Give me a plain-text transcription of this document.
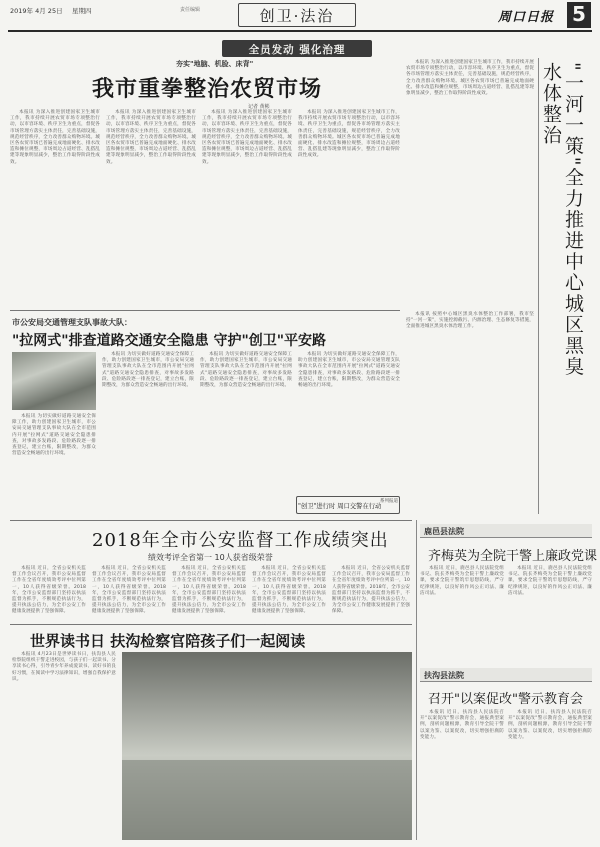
2019年 4月 25日 星期四	责任编辑	创卫·法治	周口日报 5
全员发动 强化治理
夯实"地脑、机脸、床背"
我市重拳整治农贸市场
记者 黄彬

本报讯 为深入推进创建国家卫生城市工作，我市持续开展农贸市场专项整治行动，以市容环境、秩序卫生为重点，督促各市场管理方落实主体责任，完善基础设施，规范经营秩序，全力改善群众购物环境。城区各农贸市场已普遍完成地面硬化、排水改造和摊位规整，市场周边占道经营、乱搭乱建等现象明显减少，整治工作取得阶段性成效。

本报讯 为深入推进创建国家卫生城市工作，我市持续开展农贸市场专项整治行动，以市容环境、秩序卫生为重点，督促各市场管理方落实主体责任，完善基础设施，规范经营秩序，全力改善群众购物环境。城区各农贸市场已普遍完成地面硬化、排水改造和摊位规整，市场周边占道经营、乱搭乱建等现象明显减少，整治工作取得阶段性成效。

本报讯 为深入推进创建国家卫生城市工作，我市持续开展农贸市场专项整治行动，以市容环境、秩序卫生为重点，督促各市场管理方落实主体责任，完善基础设施，规范经营秩序，全力改善群众购物环境。城区各农贸市场已普遍完成地面硬化、排水改造和摊位规整，市场周边占道经营、乱搭乱建等现象明显减少，整治工作取得阶段性成效。

本报讯 为深入推进创建国家卫生城市工作，我市持续开展农贸市场专项整治行动，以市容环境、秩序卫生为重点，督促各市场管理方落实主体责任，完善基础设施，规范经营秩序，全力改善群众购物环境。城区各农贸市场已普遍完成地面硬化、排水改造和摊位规整，市场周边占道经营、乱搭乱建等现象明显减少，整治工作取得阶段性成效。

本报讯 为深入推进创建国家卫生城市工作，我市持续开展农贸市场专项整治行动，以市容环境、秩序卫生为重点，督促各市场管理方落实主体责任，完善基础设施，规范经营秩序，全力改善群众购物环境。城区各农贸市场已普遍完成地面硬化、排水改造和摊位规整，市场周边占道经营、乱搭乱建等现象明显减少，整治工作取得阶段性成效。	"一河一策"全力推进中心城区黑臭水体整治

本报讯 按照中心城区黑臭水体整治工作部署，我市坚持"一河一策"，实施控源截污、内源治理、生态修复等措施，全面推进城区黑臭水体治理工作。

市公安局交通管理支队事故大队：
"拉网式"排查道路交通安全隐患 守护"创卫"平安路

本报讯 为切实做好道路交通安全保障工作，助力创建国家卫生城市，市公安局交通管理支队事故大队在全市范围内开展"拉网式"道路交通安全隐患排查，对事故多发路段、危险路段逐一排查登记，建立台账，限期整改，为群众营造安全畅通的出行环境。

本报讯 为切实做好道路交通安全保障工作，助力创建国家卫生城市，市公安局交通管理支队事故大队在全市范围内开展"拉网式"道路交通安全隐患排查，对事故多发路段、危险路段逐一排查登记，建立台账，限期整改，为群众营造安全畅通的出行环境。

本报讯 为切实做好道路交通安全保障工作，助力创建国家卫生城市，市公安局交通管理支队事故大队在全市范围内开展"拉网式"道路交通安全隐患排查，对事故多发路段、危险路段逐一排查登记，建立台账，限期整改，为群众营造安全畅通的出行环境。

本报讯 为切实做好道路交通安全保障工作，助力创建国家卫生城市，市公安局交通管理支队事故大队在全市范围内开展"拉网式"道路交通安全隐患排查，对事故多发路段、危险路段逐一排查登记，建立台账，限期整改，为群众营造安全畅通的出行环境。

"创卫"进行时 周口交警在行动
系列报道
2018年全市公安监督工作成绩突出
绩效考评全省第一 10人获省级荣誉

本报讯 近日，全省公安机关监督工作会议召开，我市公安局监督工作在全省年度绩效考评中位列第一，10人获得省级荣誉。2018年，全市公安监督部门坚持以执法监督为抓手，不断规范执法行为，提升执法公信力，为全市公安工作健康发展提供了坚强保障。

本报讯 近日，全省公安机关监督工作会议召开，我市公安局监督工作在全省年度绩效考评中位列第一，10人获得省级荣誉。2018年，全市公安监督部门坚持以执法监督为抓手，不断规范执法行为，提升执法公信力，为全市公安工作健康发展提供了坚强保障。

本报讯 近日，全省公安机关监督工作会议召开，我市公安局监督工作在全省年度绩效考评中位列第一，10人获得省级荣誉。2018年，全市公安监督部门坚持以执法监督为抓手，不断规范执法行为，提升执法公信力，为全市公安工作健康发展提供了坚强保障。

本报讯 近日，全省公安机关监督工作会议召开，我市公安局监督工作在全省年度绩效考评中位列第一，10人获得省级荣誉。2018年，全市公安监督部门坚持以执法监督为抓手，不断规范执法行为，提升执法公信力，为全市公安工作健康发展提供了坚强保障。

本报讯 近日，全省公安机关监督工作会议召开，我市公安局监督工作在全省年度绩效考评中位列第一，10人获得省级荣誉。2018年，全市公安监督部门坚持以执法监督为抓手，不断规范执法行为，提升执法公信力，为全市公安工作健康发展提供了坚强保障。

世界读书日 扶沟检察官陪孩子们一起阅读

本报讯 4月23日是世界读书日，扶沟县人民检察院组织干警走进校园，与孩子们一起读书、分享读书心得，引导青少年养成爱读书、读好书的良好习惯，在阅读中学习法律知识，增强自我保护意识。

鹿邑县法院
齐梅英为全院干警上廉政党课

本报讯 近日，鹿邑县人民法院党组书记、院长齐梅英为全院干警上廉政党课，要求全院干警筑牢思想防线，严守纪律规矩，以良好的作风公正司法、廉洁司法。

本报讯 近日，鹿邑县人民法院党组书记、院长齐梅英为全院干警上廉政党课，要求全院干警筑牢思想防线，严守纪律规矩，以良好的作风公正司法、廉洁司法。

扶沟县法院
召开"以案促改"警示教育会

本报讯 近日，扶沟县人民法院召开"以案促改"警示教育会，通报典型案例，剖析问题根源，教育引导全院干警以案为鉴、以案促改，切实增强拒腐防变能力。

本报讯 近日，扶沟县人民法院召开"以案促改"警示教育会，通报典型案例，剖析问题根源，教育引导全院干警以案为鉴、以案促改，切实增强拒腐防变能力。
